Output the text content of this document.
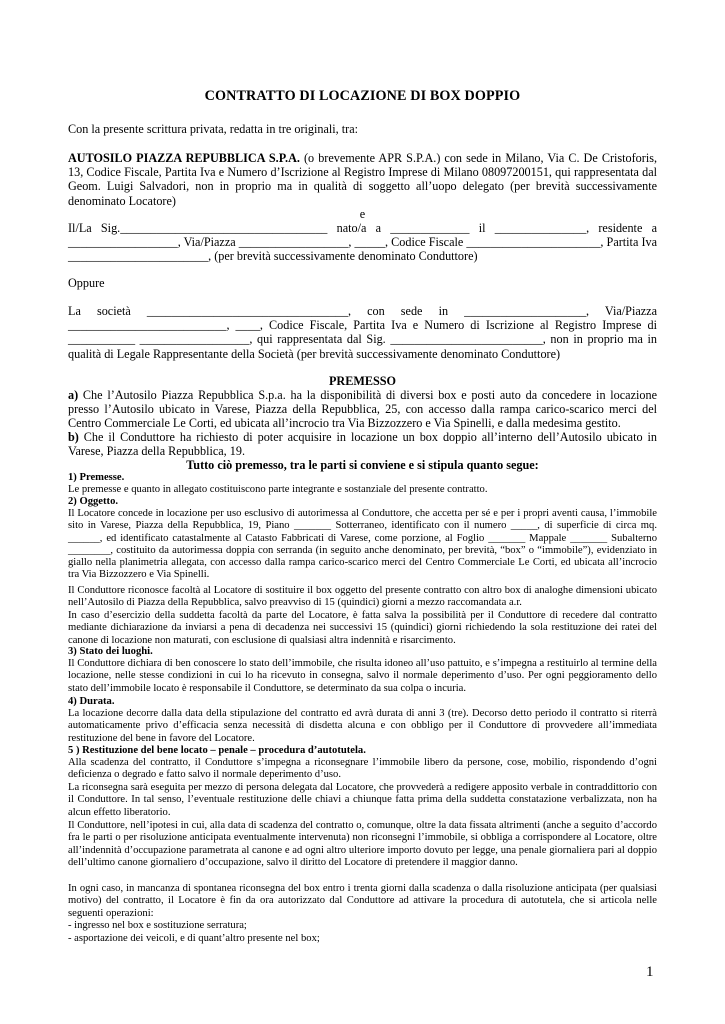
CONTRATTO DI LOCAZIONE DI BOX DOPPIO

Con la presente scrittura privata, redatta in tre originali, tra:

AUTOSILO PIAZZA REPUBBLICA S.P.A. (o brevemente APR S.P.A.) con sede in Milano, Via C. De Cristoforis, 13, Codice Fiscale, Partita Iva e Numero d’Iscrizione al Registro Imprese di Milano 08097200151, qui rappresentata dal Geom. Luigi Salvadori, non in proprio ma in qualità di soggetto all’uopo delegato (per brevità successivamente denominato Locatore)

e

Il/La Sig.__________________________________ nato/a a _____________ il _______________, residente a __________________, Via/Piazza __________________, _____, Codice Fiscale ______________________, Partita Iva _______________________, (per brevità successivamente denominato Conduttore)

Oppure

La società _________________________________, con sede in ____________________, Via/Piazza __________________________, ____, Codice Fiscale, Partita Iva e Numero di Iscrizione al Registro Imprese di ___________ __________________, qui rappresentata dal Sig. _________________________, non in proprio ma in qualità di Legale Rappresentante della Società (per brevità successivamente denominato Conduttore)

PREMESSO

a) Che l’Autosilo Piazza Repubblica S.p.a. ha la disponibilità di diversi box e posti auto da concedere in locazione presso l’Autosilo ubicato in Varese, Piazza della Repubblica, 25, con accesso dalla rampa carico-scarico merci del Centro Commerciale Le Corti, ed ubicata all’incrocio tra Via Bizzozzero e Via Spinelli, e dalla medesima gestito.

b) Che il Conduttore ha richiesto di poter acquisire in locazione un box doppio all’interno dell’Autosilo ubicato in Varese, Piazza della Repubblica, 19.

Tutto ciò premesso, tra le parti si conviene e si stipula quanto segue:

1) Premesse.

Le premesse e quanto in allegato costituiscono parte integrante e sostanziale del presente contratto.

2) Oggetto.

Il Locatore concede in locazione per uso esclusivo di autorimessa al Conduttore, che accetta per sé e per i propri aventi causa, l’immobile sito in Varese, Piazza della Repubblica, 19, Piano _______ Sotterraneo, identificato con il numero _____, di superficie di circa mq. ______, ed identificato catastalmente al Catasto Fabbricati di Varese, come porzione, al Foglio _______ Mappale _______ Subalterno ________, costituito da autorimessa doppia con serranda (in seguito anche denominato, per brevità, “box” o “immobile”), evidenziato in giallo nella planimetria allegata, con accesso dalla rampa carico-scarico merci del Centro Commerciale Le Corti, ed ubicata all’incrocio tra Via Bizzozzero e Via Spinelli.

Il Conduttore riconosce facoltà al Locatore di sostituire il box oggetto del presente contratto con altro box di analoghe dimensioni ubicato nell’Autosilo di Piazza della Repubblica, salvo preavviso di 15 (quindici) giorni a mezzo raccomandata a.r.

In caso d’esercizio della suddetta facoltà da parte del Locatore, è fatta salva la possibilità per il Conduttore di recedere dal contratto mediante dichiarazione da inviarsi a pena di decadenza nei successivi 15 (quindici) giorni richiedendo la sola restituzione dei ratei del canone di locazione non maturati, con esclusione di qualsiasi altra indennità e risarcimento.

3) Stato dei luoghi.

Il Conduttore dichiara di ben conoscere lo stato dell’immobile, che risulta idoneo all’uso pattuito, e s’impegna a restituirlo al termine della locazione, nelle stesse condizioni in cui lo ha ricevuto in consegna, salvo il normale deperimento d’uso. Per ogni peggioramento dello stato dell’immobile locato è responsabile il Conduttore, se determinato da sua colpa o incuria.

4) Durata.

La locazione decorre dalla data della stipulazione del contratto ed avrà durata di anni 3 (tre). Decorso detto periodo il contratto si riterrà automaticamente privo d’efficacia senza necessità di disdetta alcuna e con obbligo per il Conduttore di provvedere all’immediata restituzione del bene in favore del Locatore.

5 ) Restituzione del bene locato – penale – procedura d’autotutela.

Alla scadenza del contratto, il Conduttore s’impegna a riconsegnare l’immobile libero da persone, cose, mobilio, rispondendo d’ogni deficienza o degrado e fatto salvo il normale deperimento d’uso.

La riconsegna sarà eseguita per mezzo di persona delegata dal Locatore, che provvederà a redigere apposito verbale in contraddittorio con il Conduttore. In tal senso, l’eventuale restituzione delle chiavi a chiunque fatta prima della suddetta constatazione verbalizzata, non ha alcun effetto liberatorio.

Il Conduttore, nell’ipotesi in cui, alla data di scadenza del contratto o, comunque, oltre la data fissata altrimenti (anche a seguito d’accordo fra le parti o per risoluzione anticipata eventualmente intervenuta) non riconsegni l’immobile, si obbliga a corrispondere al Locatore, oltre all’indennità d’occupazione parametrata al canone e ad ogni altro ulteriore importo dovuto per legge, una penale giornaliera pari al doppio dell’ultimo canone giornaliero d’occupazione, salvo il diritto del Locatore di pretendere il maggior danno.

In ogni caso, in mancanza di spontanea riconsegna del box entro i trenta giorni dalla scadenza o dalla risoluzione anticipata (per qualsiasi motivo) del contratto, il Locatore è fin da ora autorizzato dal Conduttore ad attivare la procedura di autotutela, che si articola nelle seguenti operazioni:

- ingresso nel box e sostituzione serratura;

- asportazione dei veicoli, e di quant’altro presente nel box;

1
